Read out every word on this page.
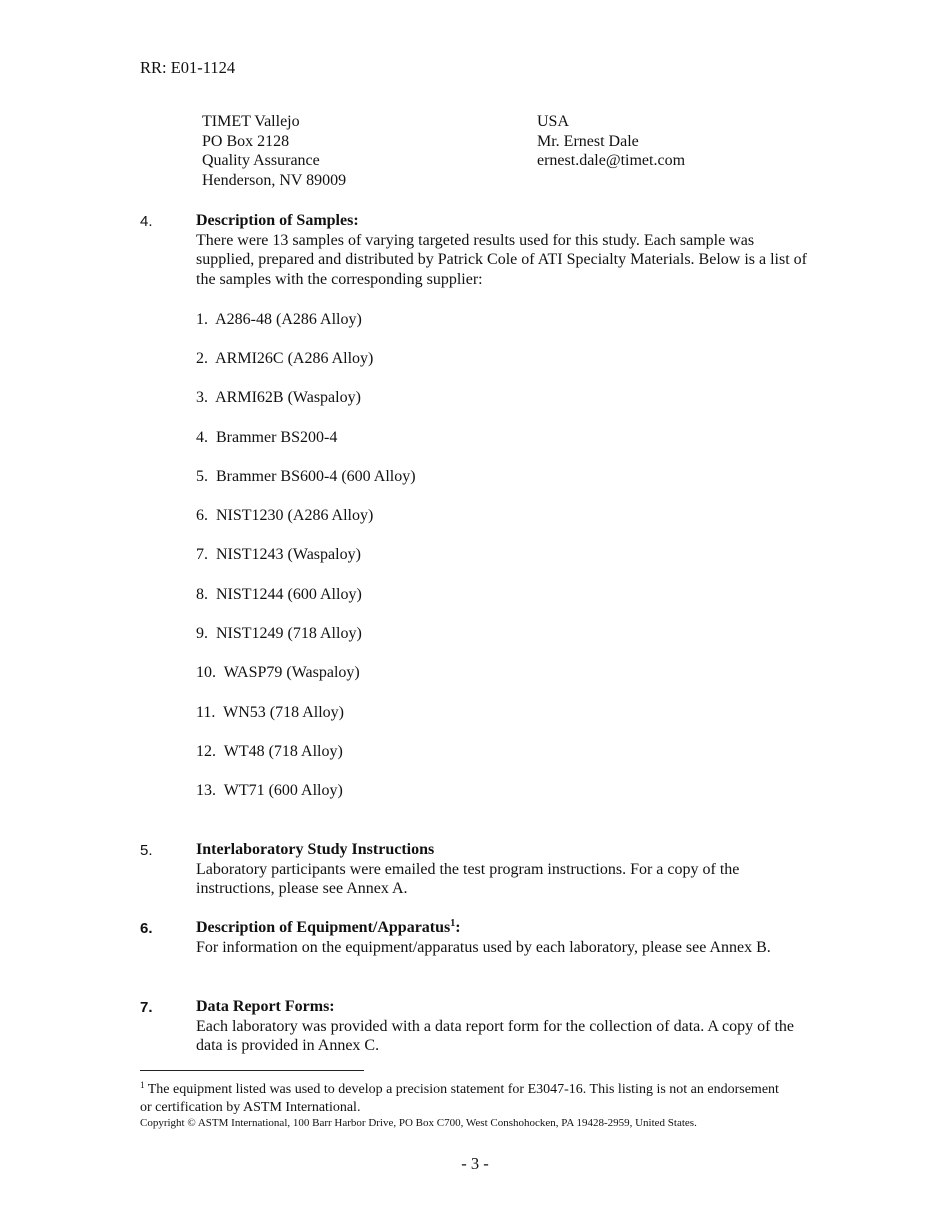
RR: E01-1124
TIMET Vallejo
PO Box 2128
Quality Assurance
Henderson, NV 89009
USA
Mr. Ernest Dale
ernest.dale@timet.com
4.	Description of Samples:
There were 13 samples of varying targeted results used for this study. Each sample was supplied, prepared and distributed by Patrick Cole of ATI Specialty Materials. Below is a list of the samples with the corresponding supplier:
1. A286-48 (A286 Alloy)
2. ARMI26C (A286 Alloy)
3. ARMI62B (Waspaloy)
4. Brammer BS200-4
5. Brammer BS600-4 (600 Alloy)
6. NIST1230 (A286 Alloy)
7. NIST1243 (Waspaloy)
8. NIST1244 (600 Alloy)
9. NIST1249 (718 Alloy)
10. WASP79 (Waspaloy)
11. WN53 (718 Alloy)
12. WT48 (718 Alloy)
13. WT71 (600 Alloy)
5.	Interlaboratory Study Instructions
Laboratory participants were emailed the test program instructions. For a copy of the instructions, please see Annex A.
6.	Description of Equipment/Apparatus$^1$:
For information on the equipment/apparatus used by each laboratory, please see Annex B.
7.	Data Report Forms:
Each laboratory was provided with a data report form for the collection of data. A copy of the data is provided in Annex C.
$^1$ The equipment listed was used to develop a precision statement for E3047-16. This listing is not an endorsement or certification by ASTM International.
Copyright © ASTM International, 100 Barr Harbor Drive, PO Box C700, West Conshohocken, PA 19428-2959, United States.
- 3 -
